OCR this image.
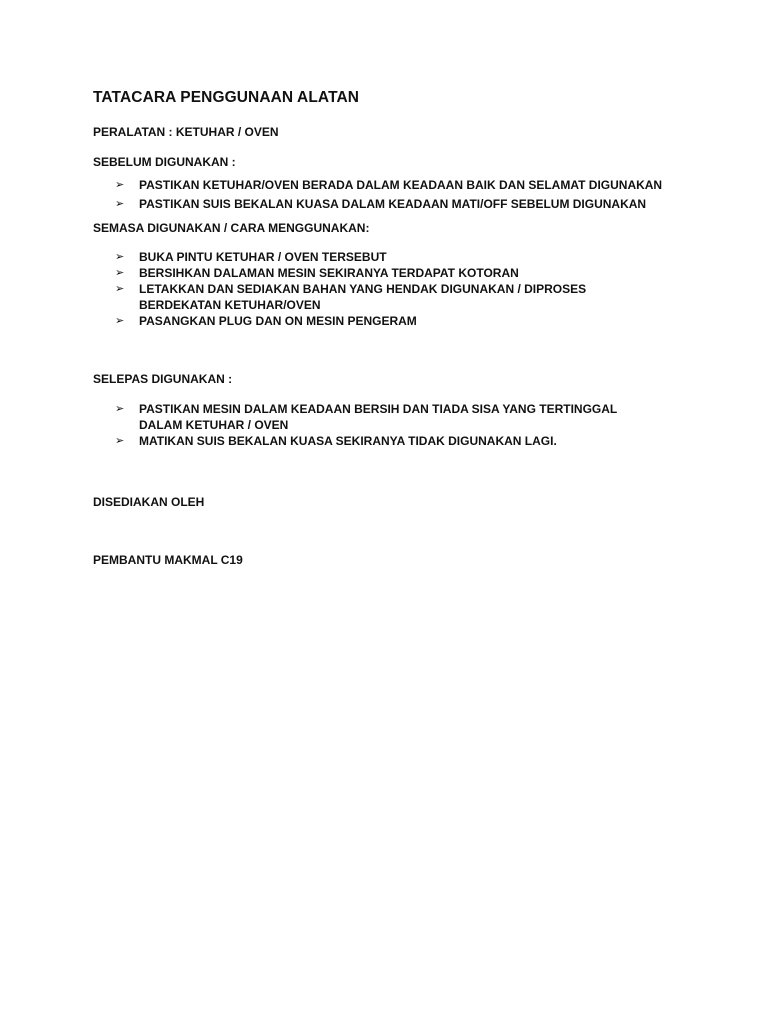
TATACARA PENGGUNAAN ALATAN
PERALATAN : KETUHAR / OVEN
SEBELUM DIGUNAKAN :
➢ PASTIKAN KETUHAR/OVEN BERADA DALAM KEADAAN BAIK DAN SELAMAT DIGUNAKAN
➢ PASTIKAN SUIS BEKALAN KUASA DALAM KEADAAN MATI/OFF SEBELUM DIGUNAKAN
SEMASA DIGUNAKAN / CARA MENGGUNAKAN:
➢ BUKA PINTU KETUHAR / OVEN TERSEBUT
➢ BERSIHKAN DALAMAN MESIN SEKIRANYA TERDAPAT KOTORAN
➢ LETAKKAN DAN SEDIAKAN BAHAN YANG HENDAK DIGUNAKAN / DIPROSES BERDEKATAN KETUHAR/OVEN
➢ PASANGKAN PLUG DAN ON MESIN PENGERAM
SELEPAS DIGUNAKAN :
➢ PASTIKAN MESIN DALAM KEADAAN BERSIH DAN TIADA SISA YANG TERTINGGAL DALAM KETUHAR / OVEN
➢ MATIKAN SUIS BEKALAN KUASA SEKIRANYA TIDAK DIGUNAKAN LAGI.
DISEDIAKAN OLEH
PEMBANTU MAKMAL C19
